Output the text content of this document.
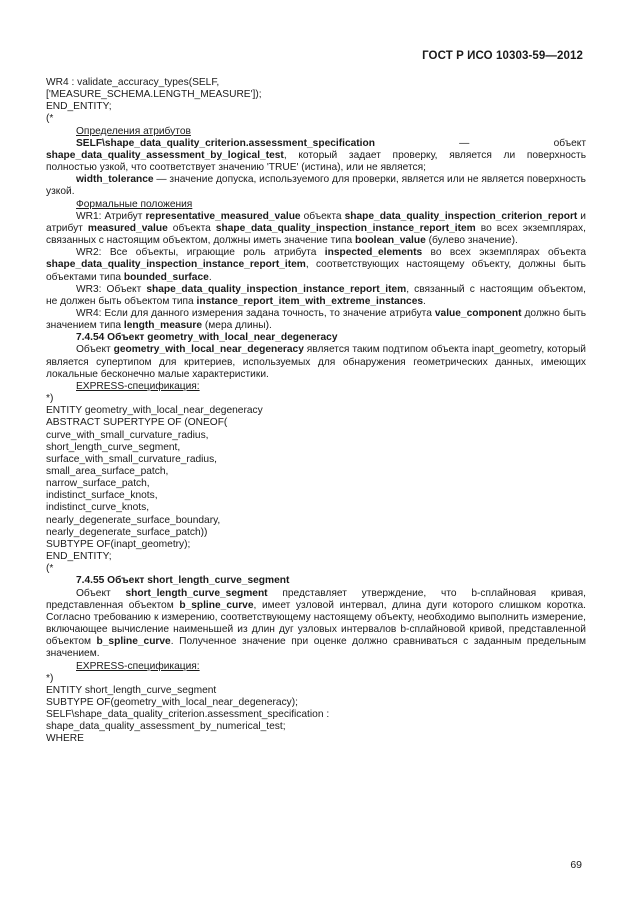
ГОСТ Р ИСО 10303-59—2012
WR4 : validate_accuracy_types(SELF,
['MEASURE_SCHEMA.LENGTH_MEASURE']);
END_ENTITY;
(*
Определения атрибутов
SELF\shape_data_quality_criterion.assessment_specification — объект shape_data_quality_assessment_by_logical_test, который задает проверку, является ли поверхность полностью узкой, что соответствует значению 'TRUE' (истина), или не является;
width_tolerance — значение допуска, используемого для проверки, является или не является поверхность узкой.
Формальные положения
WR1: Атрибут representative_measured_value объекта shape_data_quality_inspection_criterion_report и атрибут measured_value объекта shape_data_quality_inspection_instance_report_item во всех экземплярах, связанных с настоящим объектом, должны иметь значение типа boolean_value (булево значение).
WR2: Все объекты, играющие роль атрибута inspected_elements во всех экземплярах объекта shape_data_quality_inspection_instance_report_item, соответствующих настоящему объекту, должны быть объектами типа bounded_surface.
WR3: Объект shape_data_quality_inspection_instance_report_item, связанный с настоящим объектом, не должен быть объектом типа instance_report_item_with_extreme_instances.
WR4: Если для данного измерения задана точность, то значение атрибута value_component должно быть значением типа length_measure (мера длины).
7.4.54 Объект geometry_with_local_near_degeneracy
Объект geometry_with_local_near_degeneracy является таким подтипом объекта inapt_geometry, который является супертипом для критериев, используемых для обнаружения геометрических данных, имеющих локальные бесконечно малые характеристики.
EXPRESS-спецификация:
*)
ENTITY geometry_with_local_near_degeneracy
ABSTRACT SUPERTYPE OF (ONEOF(
curve_with_small_curvature_radius,
short_length_curve_segment,
surface_with_small_curvature_radius,
small_area_surface_patch,
narrow_surface_patch,
indistinct_surface_knots,
indistinct_curve_knots,
nearly_degenerate_surface_boundary,
nearly_degenerate_surface_patch))
SUBTYPE OF(inapt_geometry);
END_ENTITY;
(*
7.4.55 Объект short_length_curve_segment
Объект short_length_curve_segment представляет утверждение, что b-сплайновая кривая, представленная объектом b_spline_curve, имеет узловой интервал, длина дуги которого слишком коротка. Согласно требованию к измерению, соответствующему настоящему объекту, необходимо выполнить измерение, включающее вычисление наименьшей из длин дуг узловых интервалов b-сплайновой кривой, представленной объектом b_spline_curve. Полученное значение при оценке должно сравниваться с заданным предельным значением.
EXPRESS-спецификация:
*)
ENTITY short_length_curve_segment
SUBTYPE OF(geometry_with_local_near_degeneracy);
SELF\shape_data_quality_criterion.assessment_specification :
shape_data_quality_assessment_by_numerical_test;
WHERE
69
